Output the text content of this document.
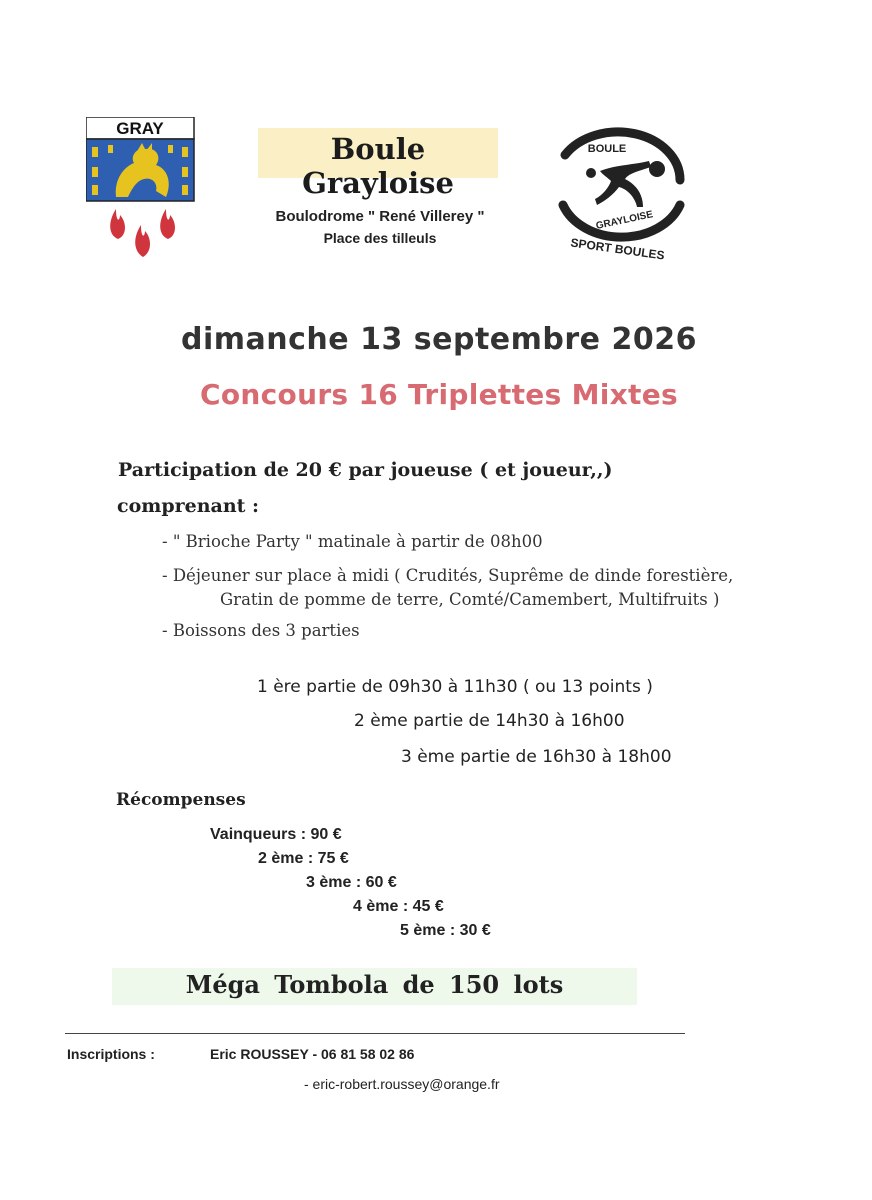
GRAY
Boule Grayloise
Boulodrome " René Villerey "
Place des tilleuls
BOULE
GRAYLOISE
SPORT BOULES
dimanche 13 septembre 2026
Concours 16 Triplettes Mixtes
Participation de 20 € par joueuse ( et joueur,,)
comprenant :
- " Brioche Party " matinale à partir de 08h00
- Déjeuner sur place à midi ( Crudités, Suprême de dinde forestière,
Gratin de pomme de terre, Comté/Camembert, Multifruits )
- Boissons des 3 parties
1 ère partie de 09h30 à 11h30 ( ou 13 points )
2 ème partie de 14h30 à 16h00
3 ème partie de 16h30 à 18h00
Récompenses
Vainqueurs : 90 €
2 ème : 75 €
3 ème : 60 €
4 ème : 45 €
5 ème : 30 €
Méga Tombola de 150 lots
Inscriptions :	Eric ROUSSEY - 06 81 58 02 86
- eric-robert.roussey@orange.fr
